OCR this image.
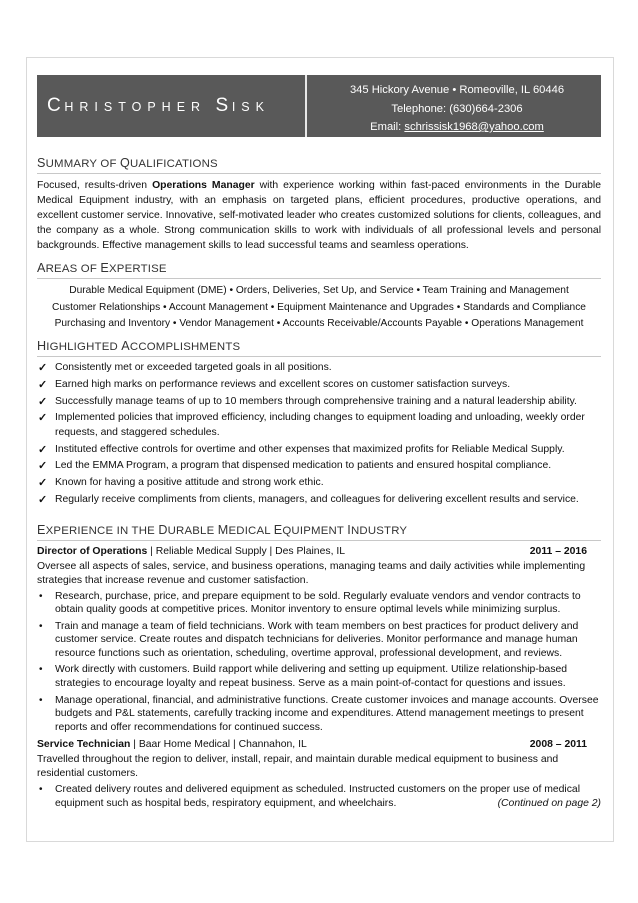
CHRISTOPHER SISK
345 Hickory Avenue • Romeoville, IL 60446
Telephone: (630)664-2306
Email: schrissisk1968@yahoo.com
SUMMARY OF QUALIFICATIONS
Focused, results-driven Operations Manager with experience working within fast-paced environments in the Durable Medical Equipment industry, with an emphasis on targeted plans, efficient procedures, productive operations, and excellent customer service. Innovative, self-motivated leader who creates customized solutions for clients, colleagues, and the company as a whole. Strong communication skills to work with individuals of all professional levels and personal backgrounds. Effective management skills to lead successful teams and seamless operations.
AREAS OF EXPERTISE
Durable Medical Equipment (DME) • Orders, Deliveries, Set Up, and Service • Team Training and Management
Customer Relationships • Account Management • Equipment Maintenance and Upgrades • Standards and Compliance
Purchasing and Inventory • Vendor Management • Accounts Receivable/Accounts Payable • Operations Management
HIGHLIGHTED ACCOMPLISHMENTS
✓ Consistently met or exceeded targeted goals in all positions.
✓ Earned high marks on performance reviews and excellent scores on customer satisfaction surveys.
✓ Successfully manage teams of up to 10 members through comprehensive training and a natural leadership ability.
✓ Implemented policies that improved efficiency, including changes to equipment loading and unloading, weekly order requests, and staggered schedules.
✓ Instituted effective controls for overtime and other expenses that maximized profits for Reliable Medical Supply.
✓ Led the EMMA Program, a program that dispensed medication to patients and ensured hospital compliance.
✓ Known for having a positive attitude and strong work ethic.
✓ Regularly receive compliments from clients, managers, and colleagues for delivering excellent results and service.
EXPERIENCE IN THE DURABLE MEDICAL EQUIPMENT INDUSTRY
Director of Operations | Reliable Medical Supply | Des Plaines, IL	2011 – 2016
Oversee all aspects of sales, service, and business operations, managing teams and daily activities while implementing strategies that increase revenue and customer satisfaction.
• Research, purchase, price, and prepare equipment to be sold. Regularly evaluate vendors and vendor contracts to obtain quality goods at competitive prices. Monitor inventory to ensure optimal levels while minimizing surplus.
• Train and manage a team of field technicians. Work with team members on best practices for product delivery and customer service. Create routes and dispatch technicians for deliveries. Monitor performance and manage human resource functions such as orientation, scheduling, overtime approval, professional development, and reviews.
• Work directly with customers. Build rapport while delivering and setting up equipment. Utilize relationship-based strategies to encourage loyalty and repeat business. Serve as a main point-of-contact for questions and issues.
• Manage operational, financial, and administrative functions. Create customer invoices and manage accounts. Oversee budgets and P&L statements, carefully tracking income and expenditures. Attend management meetings to present reports and offer recommendations for continued success.
Service Technician | Baar Home Medical | Channahon, IL	2008 – 2011
Travelled throughout the region to deliver, install, repair, and maintain durable medical equipment to business and residential customers.
• Created delivery routes and delivered equipment as scheduled. Instructed customers on the proper use of medical equipment such as hospital beds, respiratory equipment, and wheelchairs.	(Continued on page 2)
